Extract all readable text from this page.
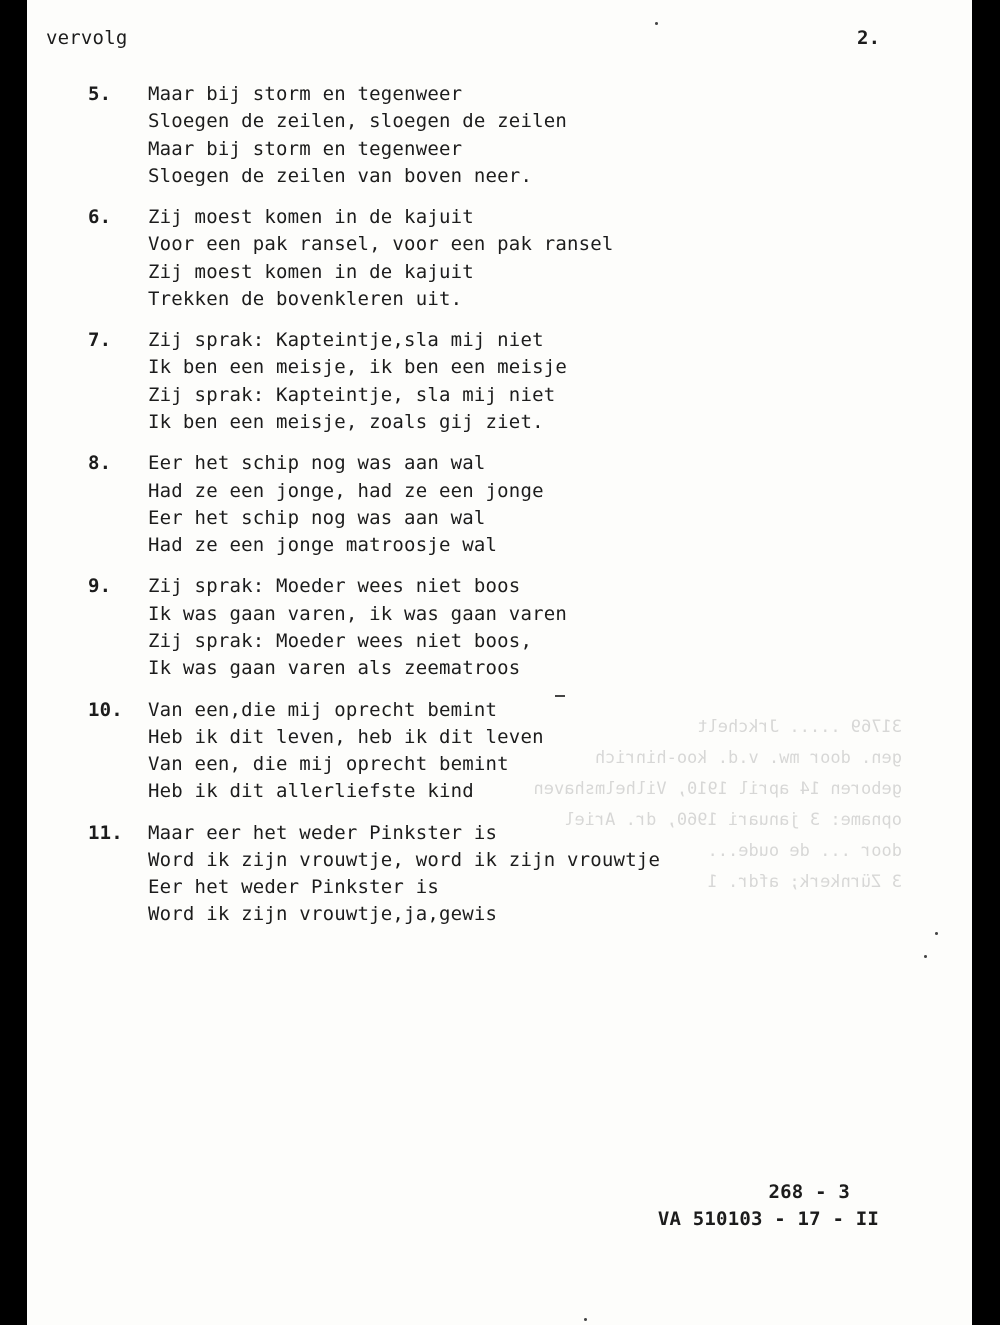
31769 ..... Jrkchelt
gen. door mw. v.d. koo-hinrich
geboren 14 april 1910, Vilhelmshaven
opname: 3 januari 1960, dr. Ariel
door ... de oude...
3 Zürnkerk; afdr. 1
vervolg	2.
5. Maar bij storm en tegenweer
Sloegen de zeilen, sloegen de zeilen
Maar bij storm en tegenweer
Sloegen de zeilen van boven neer.
6. Zij moest komen in de kajuit
Voor een pak ransel, voor een pak ransel
Zij moest komen in de kajuit
Trekken de bovenkleren uit.
7. Zij sprak: Kapteintje,sla mij niet
Ik ben een meisje, ik ben een meisje
Zij sprak: Kapteintje, sla mij niet
Ik ben een meisje, zoals gij ziet.
8. Eer het schip nog was aan wal
Had ze een jonge, had ze een jonge
Eer het schip nog was aan wal
Had ze een jonge matroosje wal
9. Zij sprak: Moeder wees niet boos
Ik was gaan varen, ik was gaan varen
Zij sprak: Moeder wees niet boos,
Ik was gaan varen als zeematroos
10. Van een,die mij oprecht bemint
Heb ik dit leven, heb ik dit leven
Van een, die mij oprecht bemint
Heb ik dit allerliefste kind
11. Maar eer het weder Pinkster is
Word ik zijn vrouwtje, word ik zijn vrouwtje
Eer het weder Pinkster is
Word ik zijn vrouwtje,ja,gewis
268 - 3
VA 510103 - 17 - II
